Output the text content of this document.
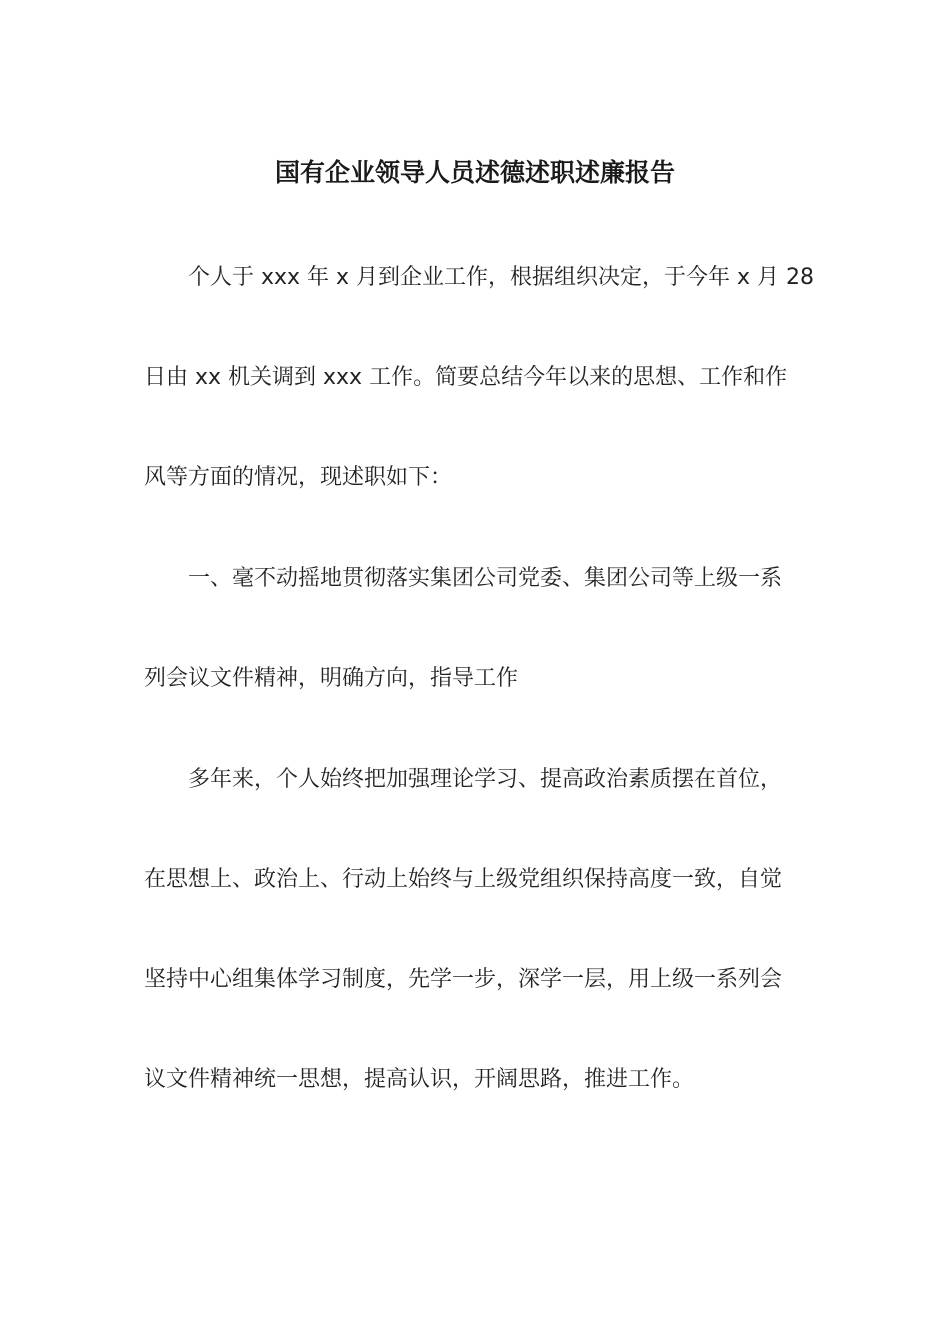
国有企业领导人员述德述职述廉报告
个人于 xxx 年 x 月到企业工作，根据组织决定，于今年 x 月 28
日由 xx 机关调到 xxx 工作。简要总结今年以来的思想、工作和作
风等方面的情况，现述职如下：
一、毫不动摇地贯彻落实集团公司党委、集团公司等上级一系
列会议文件精神，明确方向，指导工作
多年来，个人始终把加强理论学习、提高政治素质摆在首位，
在思想上、政治上、行动上始终与上级党组织保持高度一致，自觉
坚持中心组集体学习制度，先学一步，深学一层，用上级一系列会
议文件精神统一思想，提高认识，开阔思路，推进工作。
